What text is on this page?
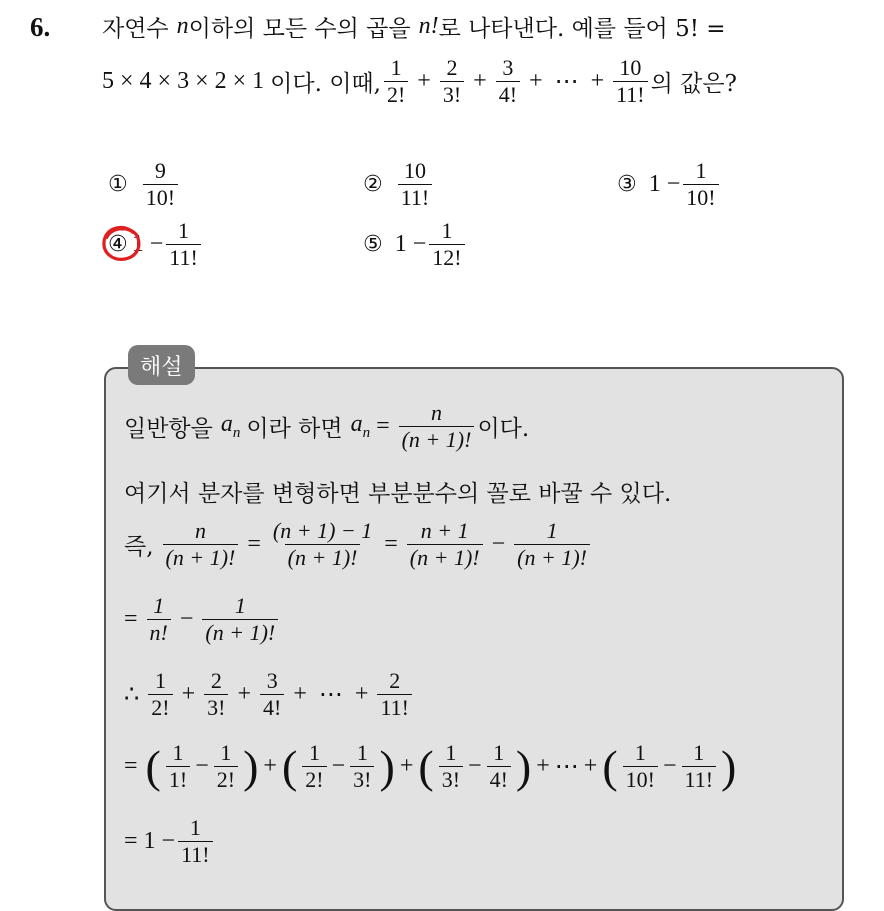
6. 자연수 n 이하의 모든 수의 곱을 n! 로 나타낸다. 예를 들어 5! =
5 × 4 × 3 × 2 × 1 이다. 이때, $\frac{1}{2!} + \frac{2}{3!} + \frac{3}{4!}$ + ⋯ + $\frac{10}{11!}$ 의 값은?
① $\frac{9}{10!}$	② $\frac{10}{11!}$	③ $1 - \frac{1}{10!}$
④ $1 - \frac{1}{11!}$	⑤ $1 - \frac{1}{12!}$
해설
일반항을 $a_n$ 이라 하면 $a_n = \frac{n}{(n + 1)!}$ 이다.
여기서 분자를 변형하면 부분분수의 꼴로 바꿀 수 있다.
즉, $\frac{n}{(n + 1)!} = \frac{(n + 1) - 1}{(n + 1)!} = \frac{n + 1}{(n + 1)!} - \frac{1}{(n + 1)!}$
= $\frac{1}{n!} - \frac{1}{(n + 1)!}$
∴ $\frac{1}{2!} + \frac{2}{3!} + \frac{3}{4!}$ + ⋯ + $\frac{2}{11!}$
= ( $\frac{1}{1!} - \frac{1}{2!}$ ) + ( $\frac{1}{2!} - \frac{1}{3!}$ ) + ( $\frac{1}{3!} - \frac{1}{4!}$ ) + ⋯ + ( $\frac{1}{10!} - \frac{1}{11!}$ )
= $1 - \frac{1}{11!}$
